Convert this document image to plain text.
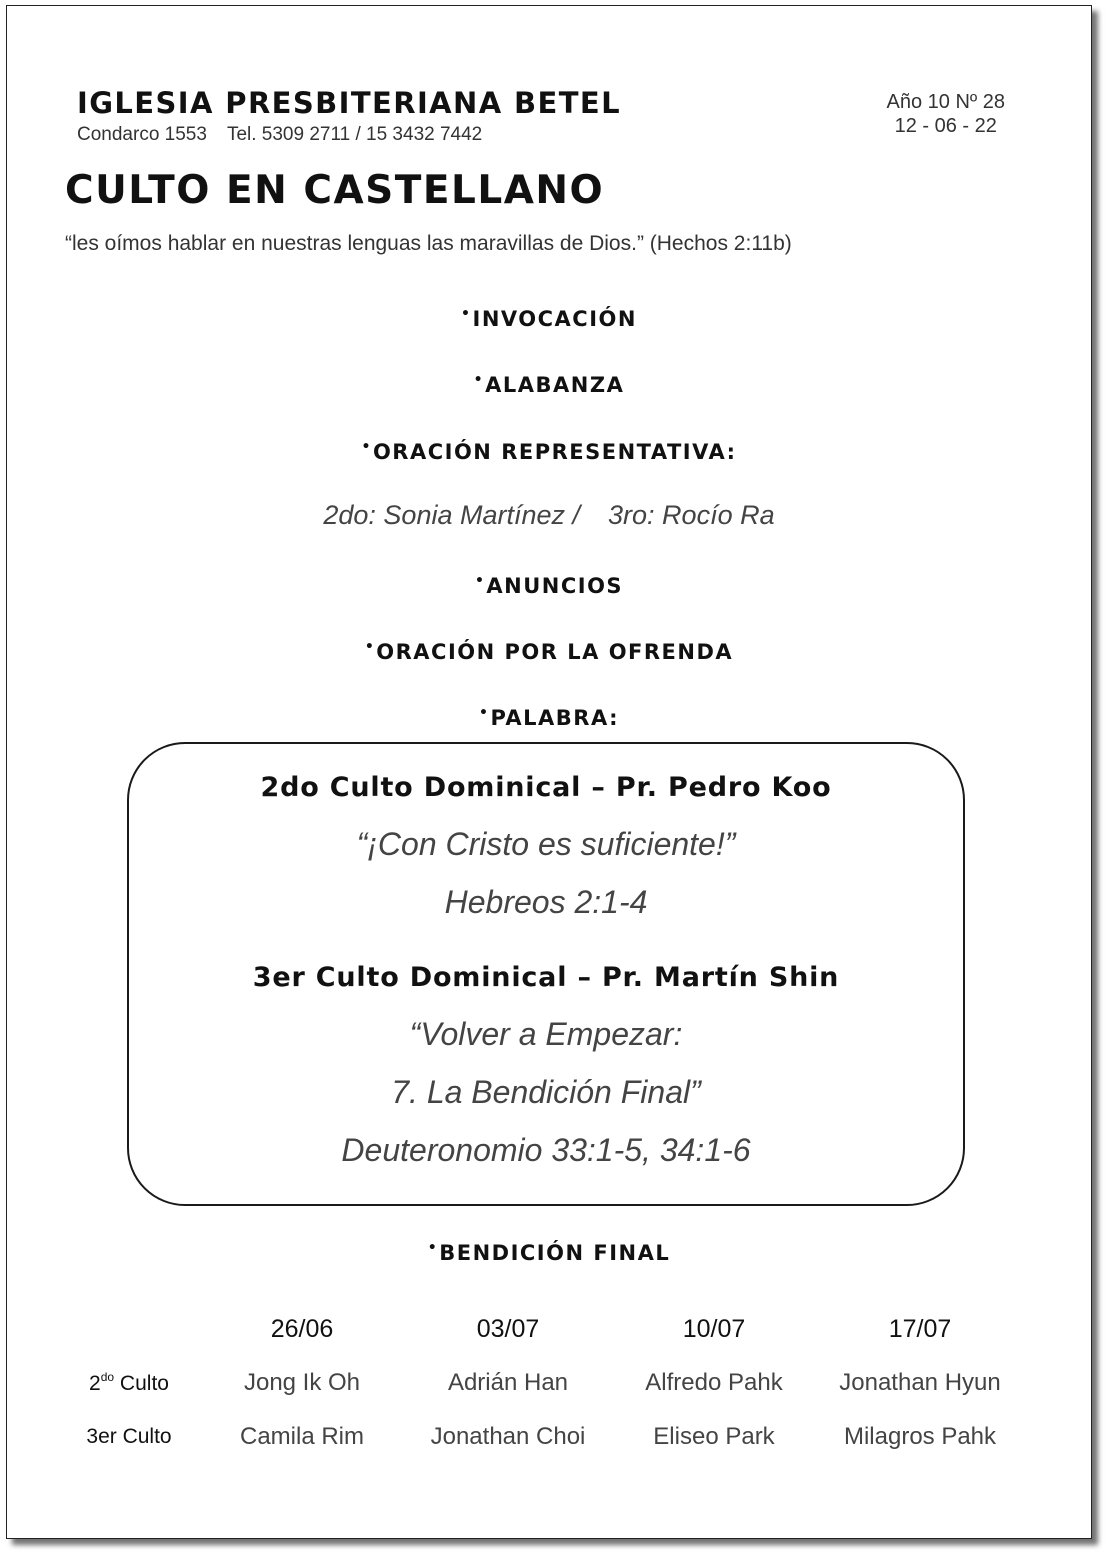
IGLESIA PRESBITERIANA BETEL
Condarco 1553 Tel. 5309 2711 / 15 3432 7442
Año 10 Nº 28
12 - 06 - 22
CULTO EN CASTELLANO
“les oímos hablar en nuestras lenguas las maravillas de Dios.” (Hechos 2:11b)
•INVOCACIÓN
•ALABANZA
•ORACIÓN REPRESENTATIVA:
2do: Sonia Martínez / 3ro: Rocío Ra
•ANUNCIOS
•ORACIÓN POR LA OFRENDA
•PALABRA:
2do Culto Dominical – Pr. Pedro Koo
“¡Con Cristo es suficiente!”
Hebreos 2:1-4
3er Culto Dominical – Pr. Martín Shin
“Volver a Empezar:
7. La Bendición Final”
Deuteronomio 33:1-5, 34:1-6
•BENDICIÓN FINAL
	26/06	03/07	10/07	17/07
$2^{do}$ Culto	Jong Ik Oh	Adrián Han	Alfredo Pahk	Jonathan Hyun
3er Culto	Camila Rim	Jonathan Choi	Eliseo Park	Milagros Pahk
